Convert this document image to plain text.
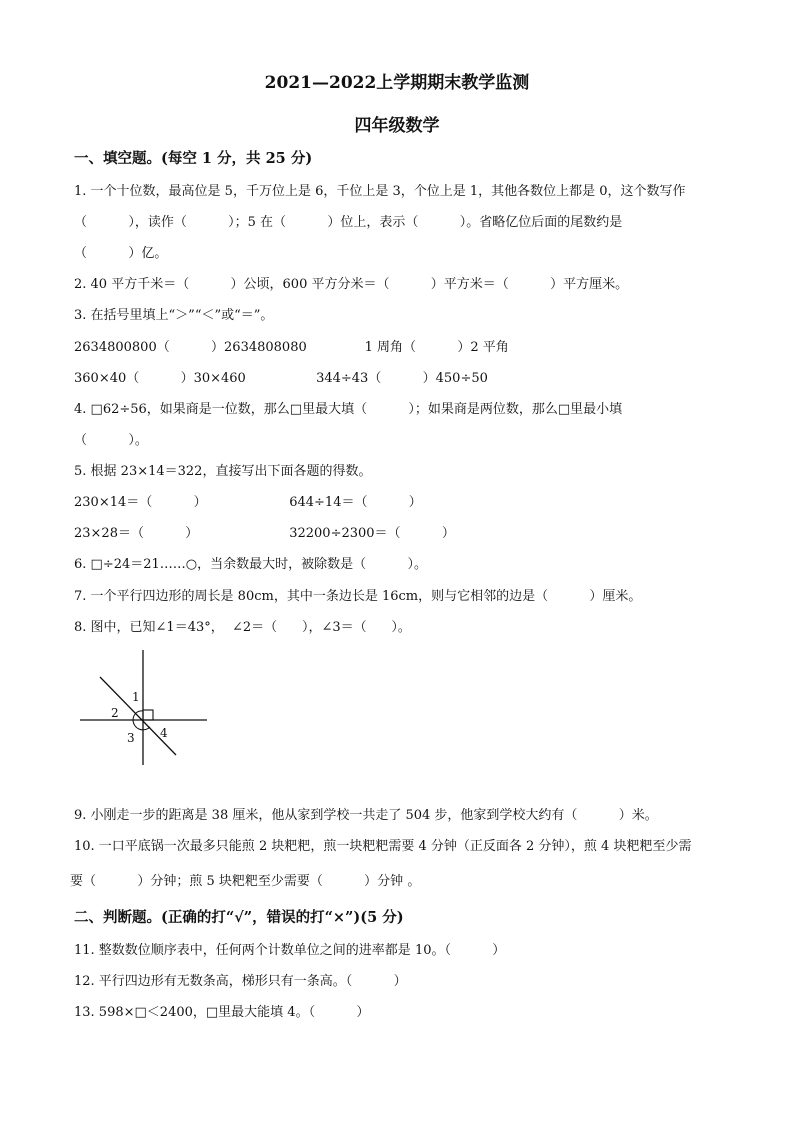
2021—2022上学期期末教学监测
四年级数学
一、填空题。(每空 1 分，共 25 分)
1. 一个十位数，最高位是 5，千万位上是 6，千位上是 3，个位上是 1，其他各数位上都是 0，这个数写作
（          ），读作（          ）；5 在（          ）位上，表示（          ）。省略亿位后面的尾数约是
（          ）亿。
2. 40 平方千米＝（          ）公顷，600 平方分米＝（          ）平方米＝（          ）平方厘米。
3. 在括号里填上“＞”“＜”或“＝”。
2634800800（          ）2634808080              1 周角（          ）2 平角
360×40（          ）30×460                 344÷43（          ）450÷50
4. □62÷56，如果商是一位数，那么□里最大填（          ）；如果商是两位数，那么□里最小填
（          ）。
5. 根据 23×14＝322，直接写出下面各题的得数。
230×14＝（          ）                    644÷14＝（          ）
23×28＝（          ）                      32200÷2300＝（          ）
6. □÷24＝21……○，当余数最大时，被除数是（          ）。
7. 一个平行四边形的周长是 80cm，其中一条边长是 16cm，则与它相邻的边是（          ）厘米。
8. 图中，已知∠1＝43°，  ∠2＝（      ），∠3＝（      ）。
1
2
3 4
9. 小刚走一步的距离是 38 厘米，他从家到学校一共走了 504 步，他家到学校大约有（          ）米。
10. 一口平底锅一次最多只能煎 2 块粑粑，煎一块粑粑需要 4 分钟（正反面各 2 分钟），煎 4 块粑粑至少需
要（          ）分钟；煎 5 块粑粑至少需要（          ）分钟 。
二、判断题。(正确的打“√”，错误的打“×”)(5 分)
11. 整数数位顺序表中，任何两个计数单位之间的进率都是 10。（          ）
12. 平行四边形有无数条高，梯形只有一条高。（          ）
13. 598×□＜2400，□里最大能填 4。（          ）
